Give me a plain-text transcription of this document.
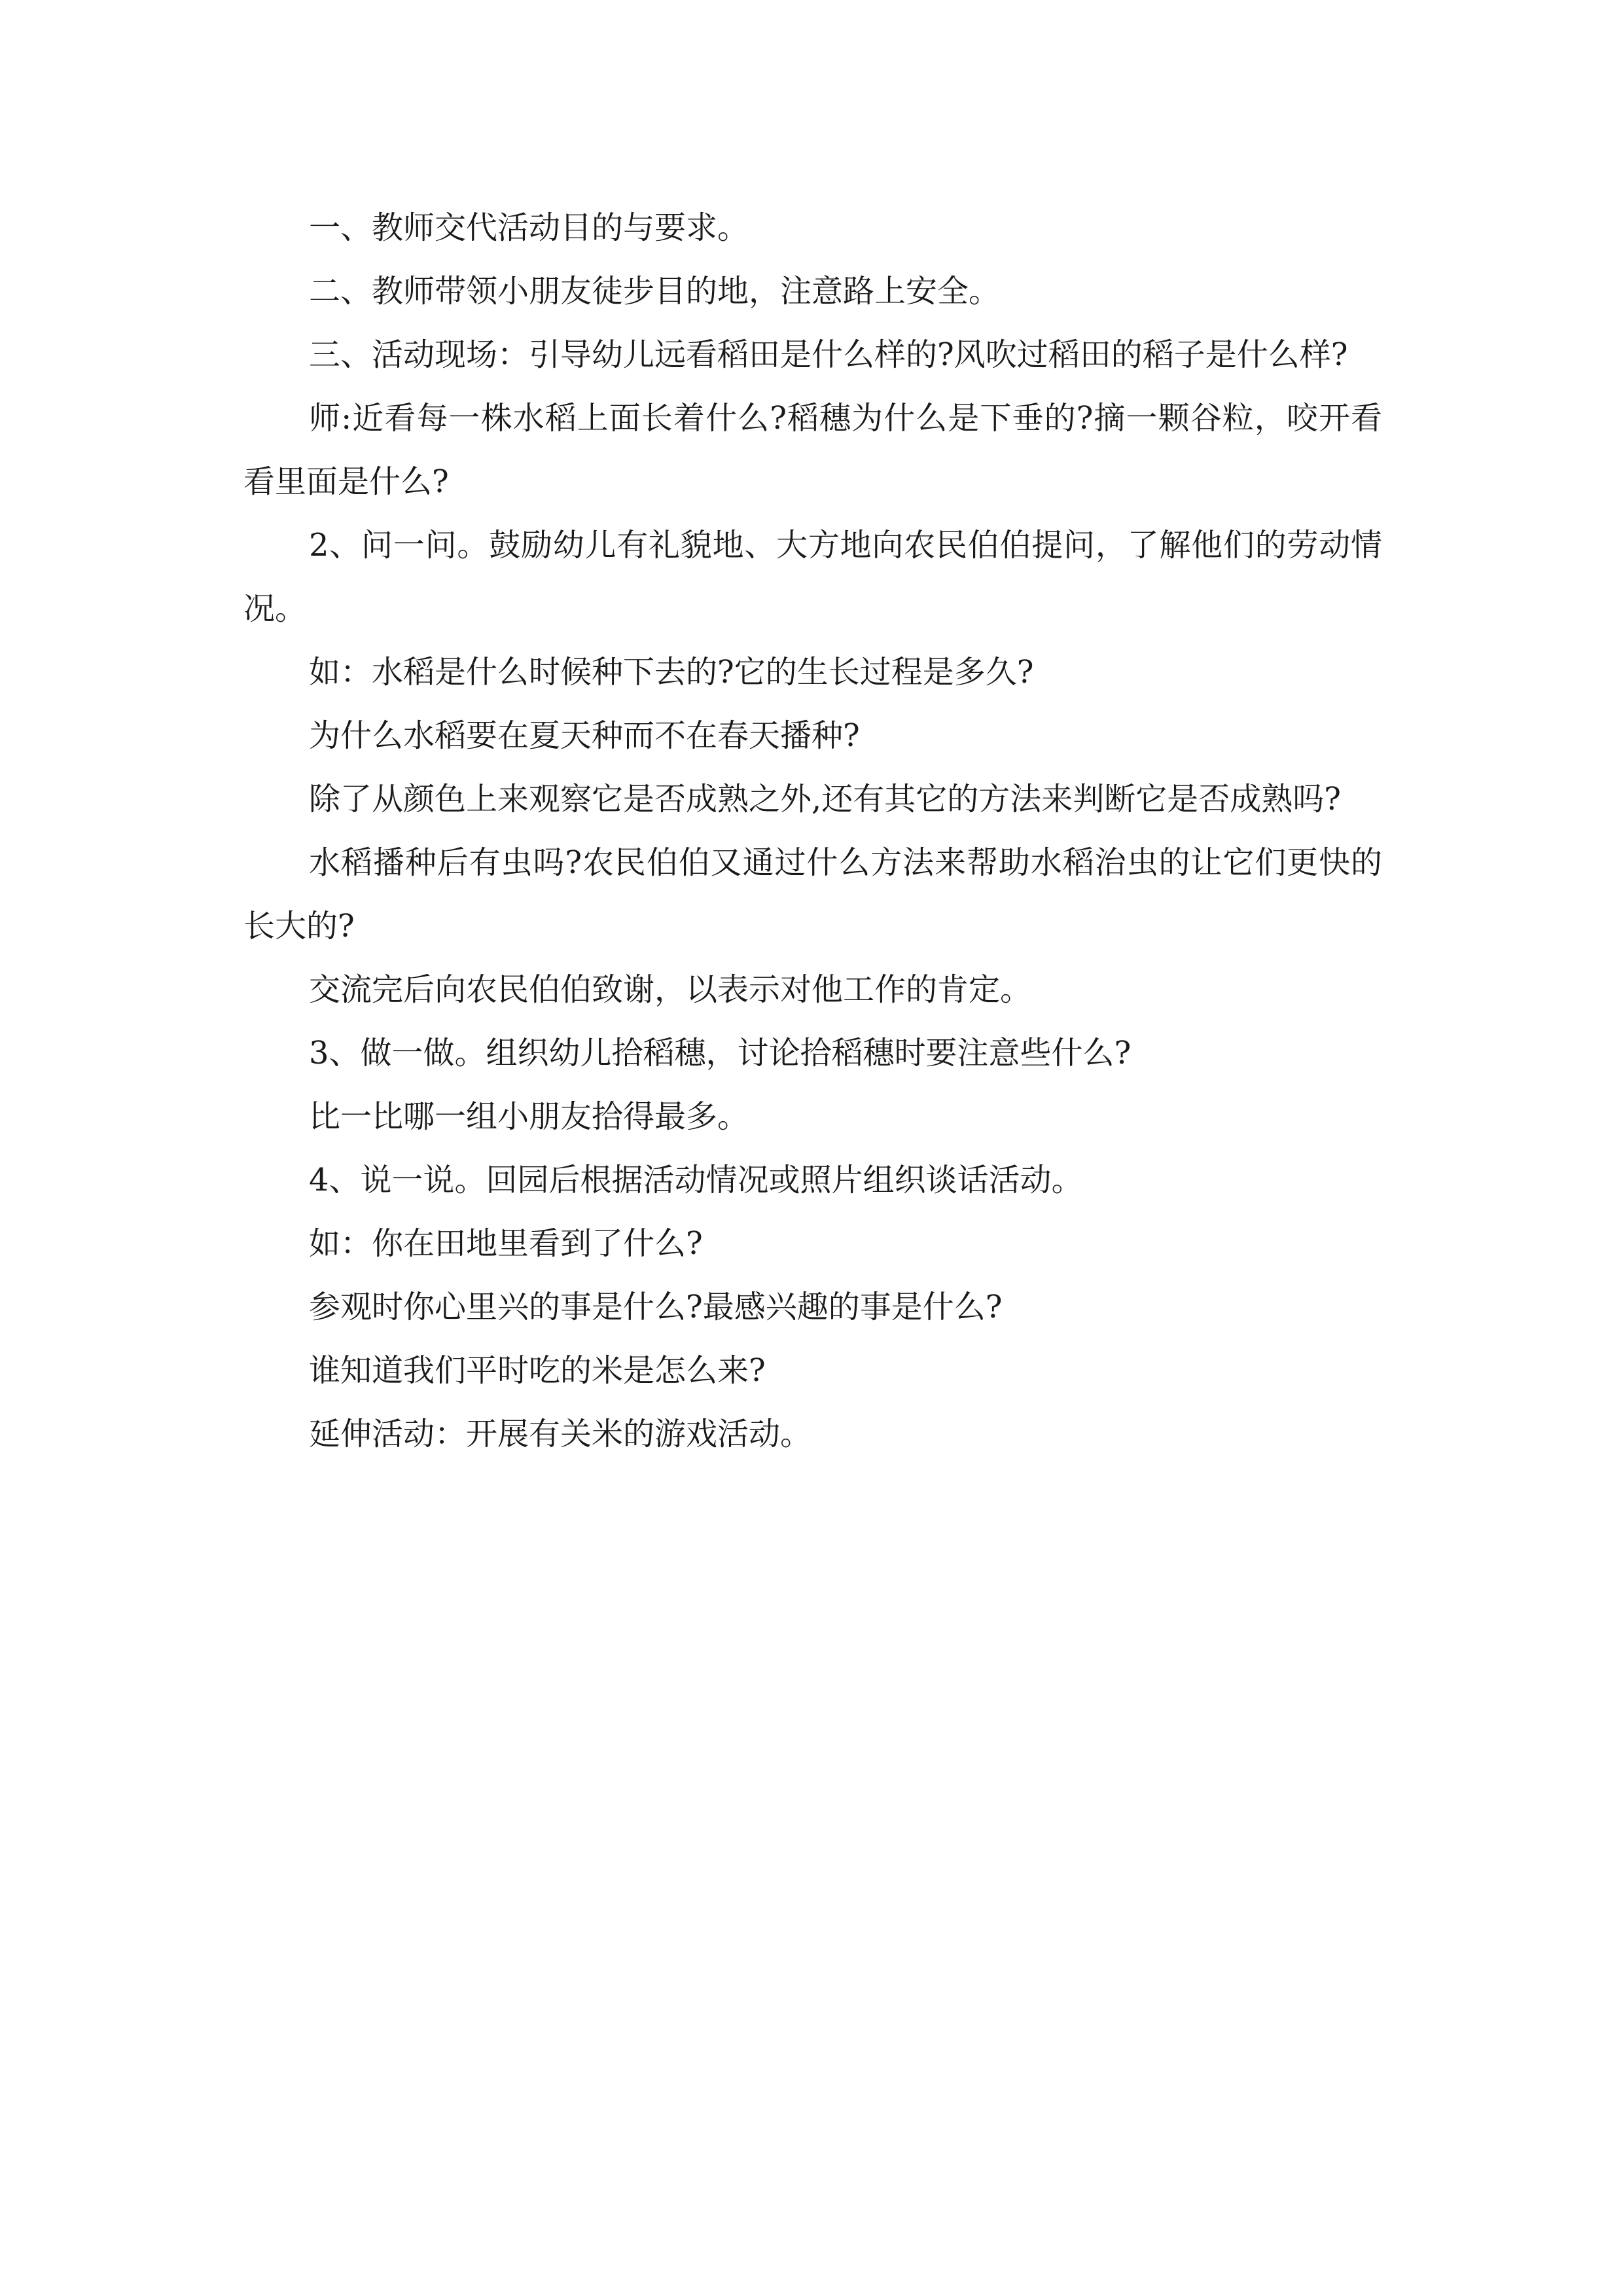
一、教师交代活动目的与要求。

二、教师带领小朋友徒步目的地，注意路上安全。

三、活动现场：引导幼儿远看稻田是什么样的?风吹过稻田的稻子是什么样?

师:近看每一株水稻上面长着什么?稻穗为什么是下垂的?摘一颗谷粒，咬开看看里面是什么?

2、问一问。鼓励幼儿有礼貌地、大方地向农民伯伯提问，了解他们的劳动情况。

如：水稻是什么时候种下去的?它的生长过程是多久?

为什么水稻要在夏天种而不在春天播种?

除了从颜色上来观察它是否成熟之外,还有其它的方法来判断它是否成熟吗?

水稻播种后有虫吗?农民伯伯又通过什么方法来帮助水稻治虫的让它们更快的长大的?

交流完后向农民伯伯致谢，以表示对他工作的肯定。

3、做一做。组织幼儿拾稻穗，讨论拾稻穗时要注意些什么?

比一比哪一组小朋友拾得最多。

4、说一说。回园后根据活动情况或照片组织谈话活动。

如：你在田地里看到了什么?

参观时你心里兴的事是什么?最感兴趣的事是什么?

谁知道我们平时吃的米是怎么来?

延伸活动：开展有关米的游戏活动。
